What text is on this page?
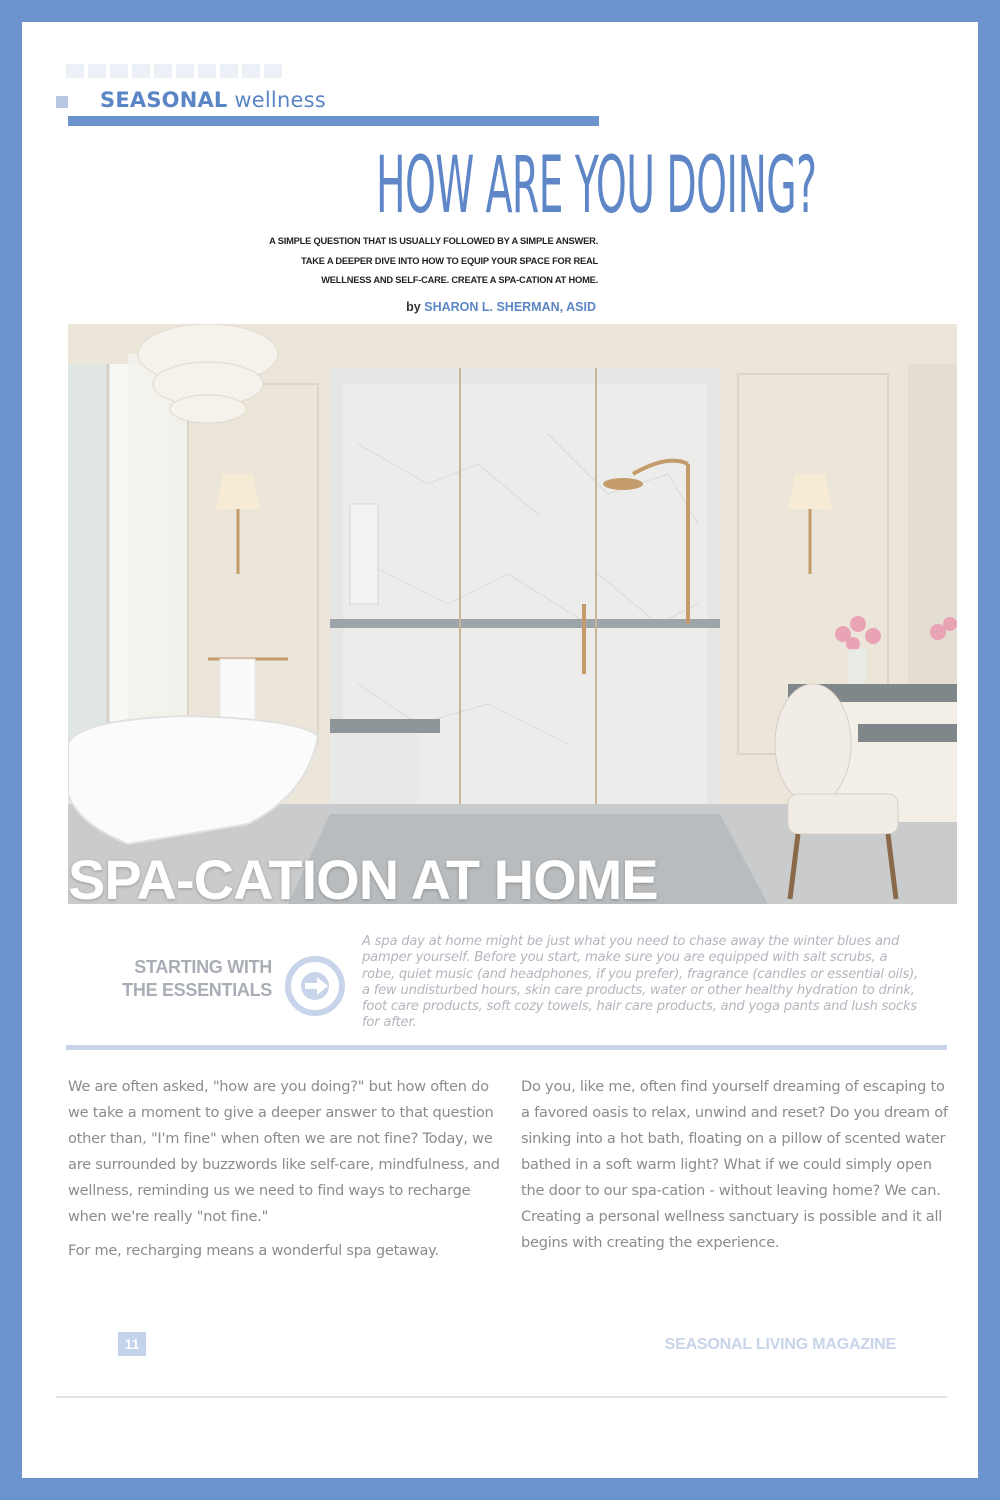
SEASONAL wellness
HOW ARE YOU DOING?
A SIMPLE QUESTION THAT IS USUALLY FOLLOWED BY A SIMPLE ANSWER.
TAKE A DEEPER DIVE INTO HOW TO EQUIP YOUR SPACE FOR REAL
WELLNESS AND SELF-CARE. CREATE A SPA-CATION AT HOME.
by SHARON L. SHERMAN, ASID
SPA-CATION AT HOME
STARTING WITH
THE ESSENTIALS
A spa day at home might be just what you need to chase away the winter blues and pamper yourself. Before you start, make sure you are equipped with salt scrubs, a robe, quiet music (and headphones, if you prefer), fragrance (candles or essential oils), a few undisturbed hours, skin care products, water or other healthy hydration to drink, foot care products, soft cozy towels, hair care products, and yoga pants and lush socks for after.

We are often asked, "how are you doing?" but how often do we take a moment to give a deeper answer to that question other than, "I'm fine" when often we are not fine? Today, we are surrounded by buzzwords like self-care, mindfulness, and wellness, reminding us we need to find ways to recharge when we're really "not fine."

For me, recharging means a wonderful spa getaway.

Do you, like me, often find yourself dreaming of escaping to a favored oasis to relax, unwind and reset? Do you dream of sinking into a hot bath, floating on a pillow of scented water bathed in a soft warm light? What if we could simply open the door to our spa-cation - without leaving home? We can. Creating a personal wellness sanctuary is possible and it all begins with creating the experience.

11	SEASONAL LIVING MAGAZINE
